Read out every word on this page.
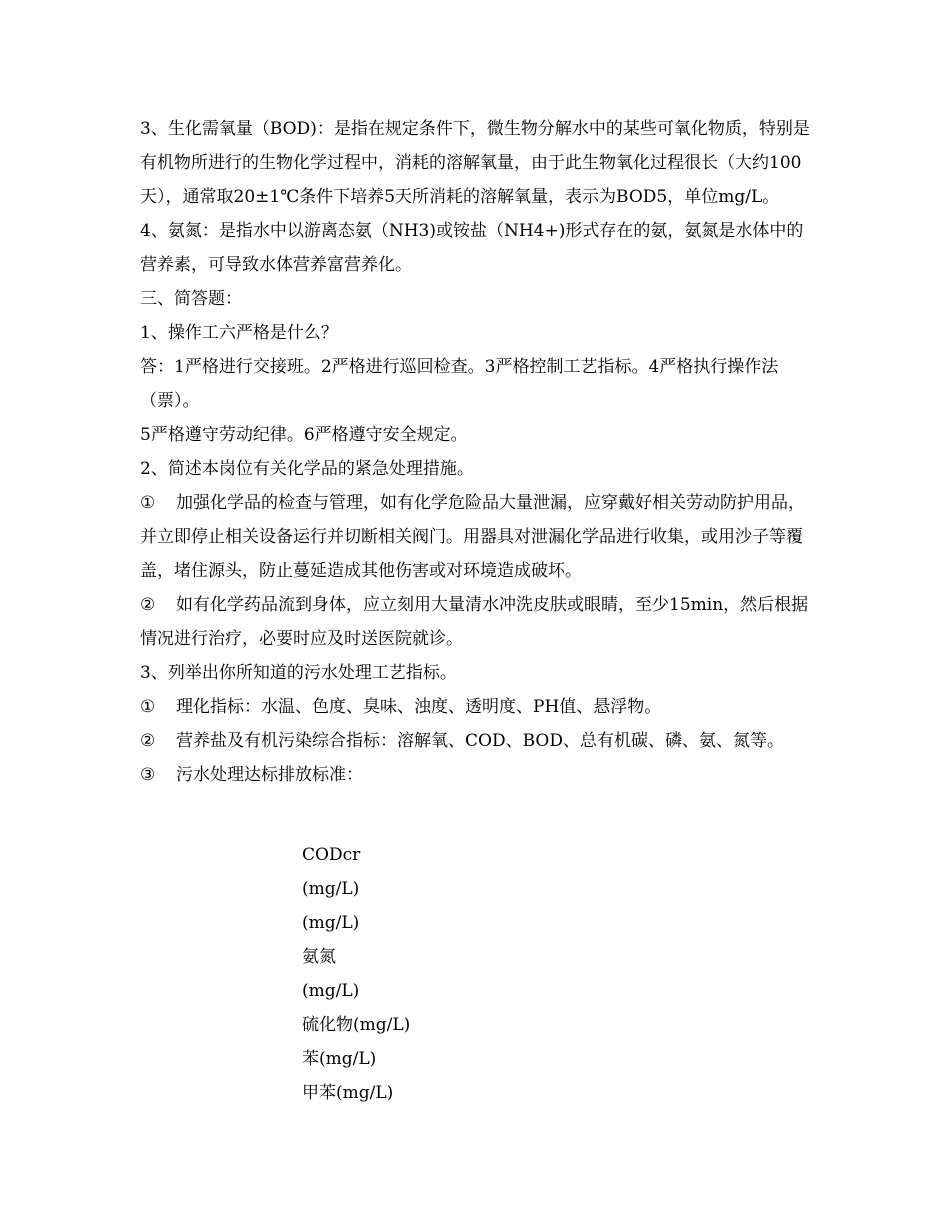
3、生化需氧量（BOD)：是指在规定条件下，微生物分解水中的某些可氧化物质，特别是有机物所进行的生物化学过程中，消耗的溶解氧量，由于此生物氧化过程很长（大约100天），通常取20±1℃条件下培养5天所消耗的溶解氧量，表示为BOD5，单位mg/L。

4、氨氮：是指水中以游离态氨（NH3)或铵盐（NH4+)形式存在的氨，氨氮是水体中的营养素，可导致水体营养富营养化。

三、简答题：

1、操作工六严格是什么？

答：1严格进行交接班。2严格进行巡回检查。3严格控制工艺指标。4严格执行操作法（票）。

5严格遵守劳动纪律。6严格遵守安全规定。

2、简述本岗位有关化学品的紧急处理措施。

①	加强化学品的检查与管理，如有化学危险品大量泄漏，应穿戴好相关劳动防护用品，并立即停止相关设备运行并切断相关阀门。用器具对泄漏化学品进行收集，或用沙子等覆盖，堵住源头，防止蔓延造成其他伤害或对环境造成破坏。
②	如有化学药品流到身体，应立刻用大量清水冲洗皮肤或眼睛，至少15min，然后根据情况进行治疗，必要时应及时送医院就诊。

3、列举出你所知道的污水处理工艺指标。

①	理化指标：水温、色度、臭味、浊度、透明度、PH值、悬浮物。
②	营养盐及有机污染综合指标：溶解氧、COD、BOD、总有机碳、磷、氨、氮等。
③	污水处理达标排放标准：

CODcr

(mg/L)

(mg/L)

氨氮

(mg/L)

硫化物(mg/L)

苯(mg/L)

甲苯(mg/L)
